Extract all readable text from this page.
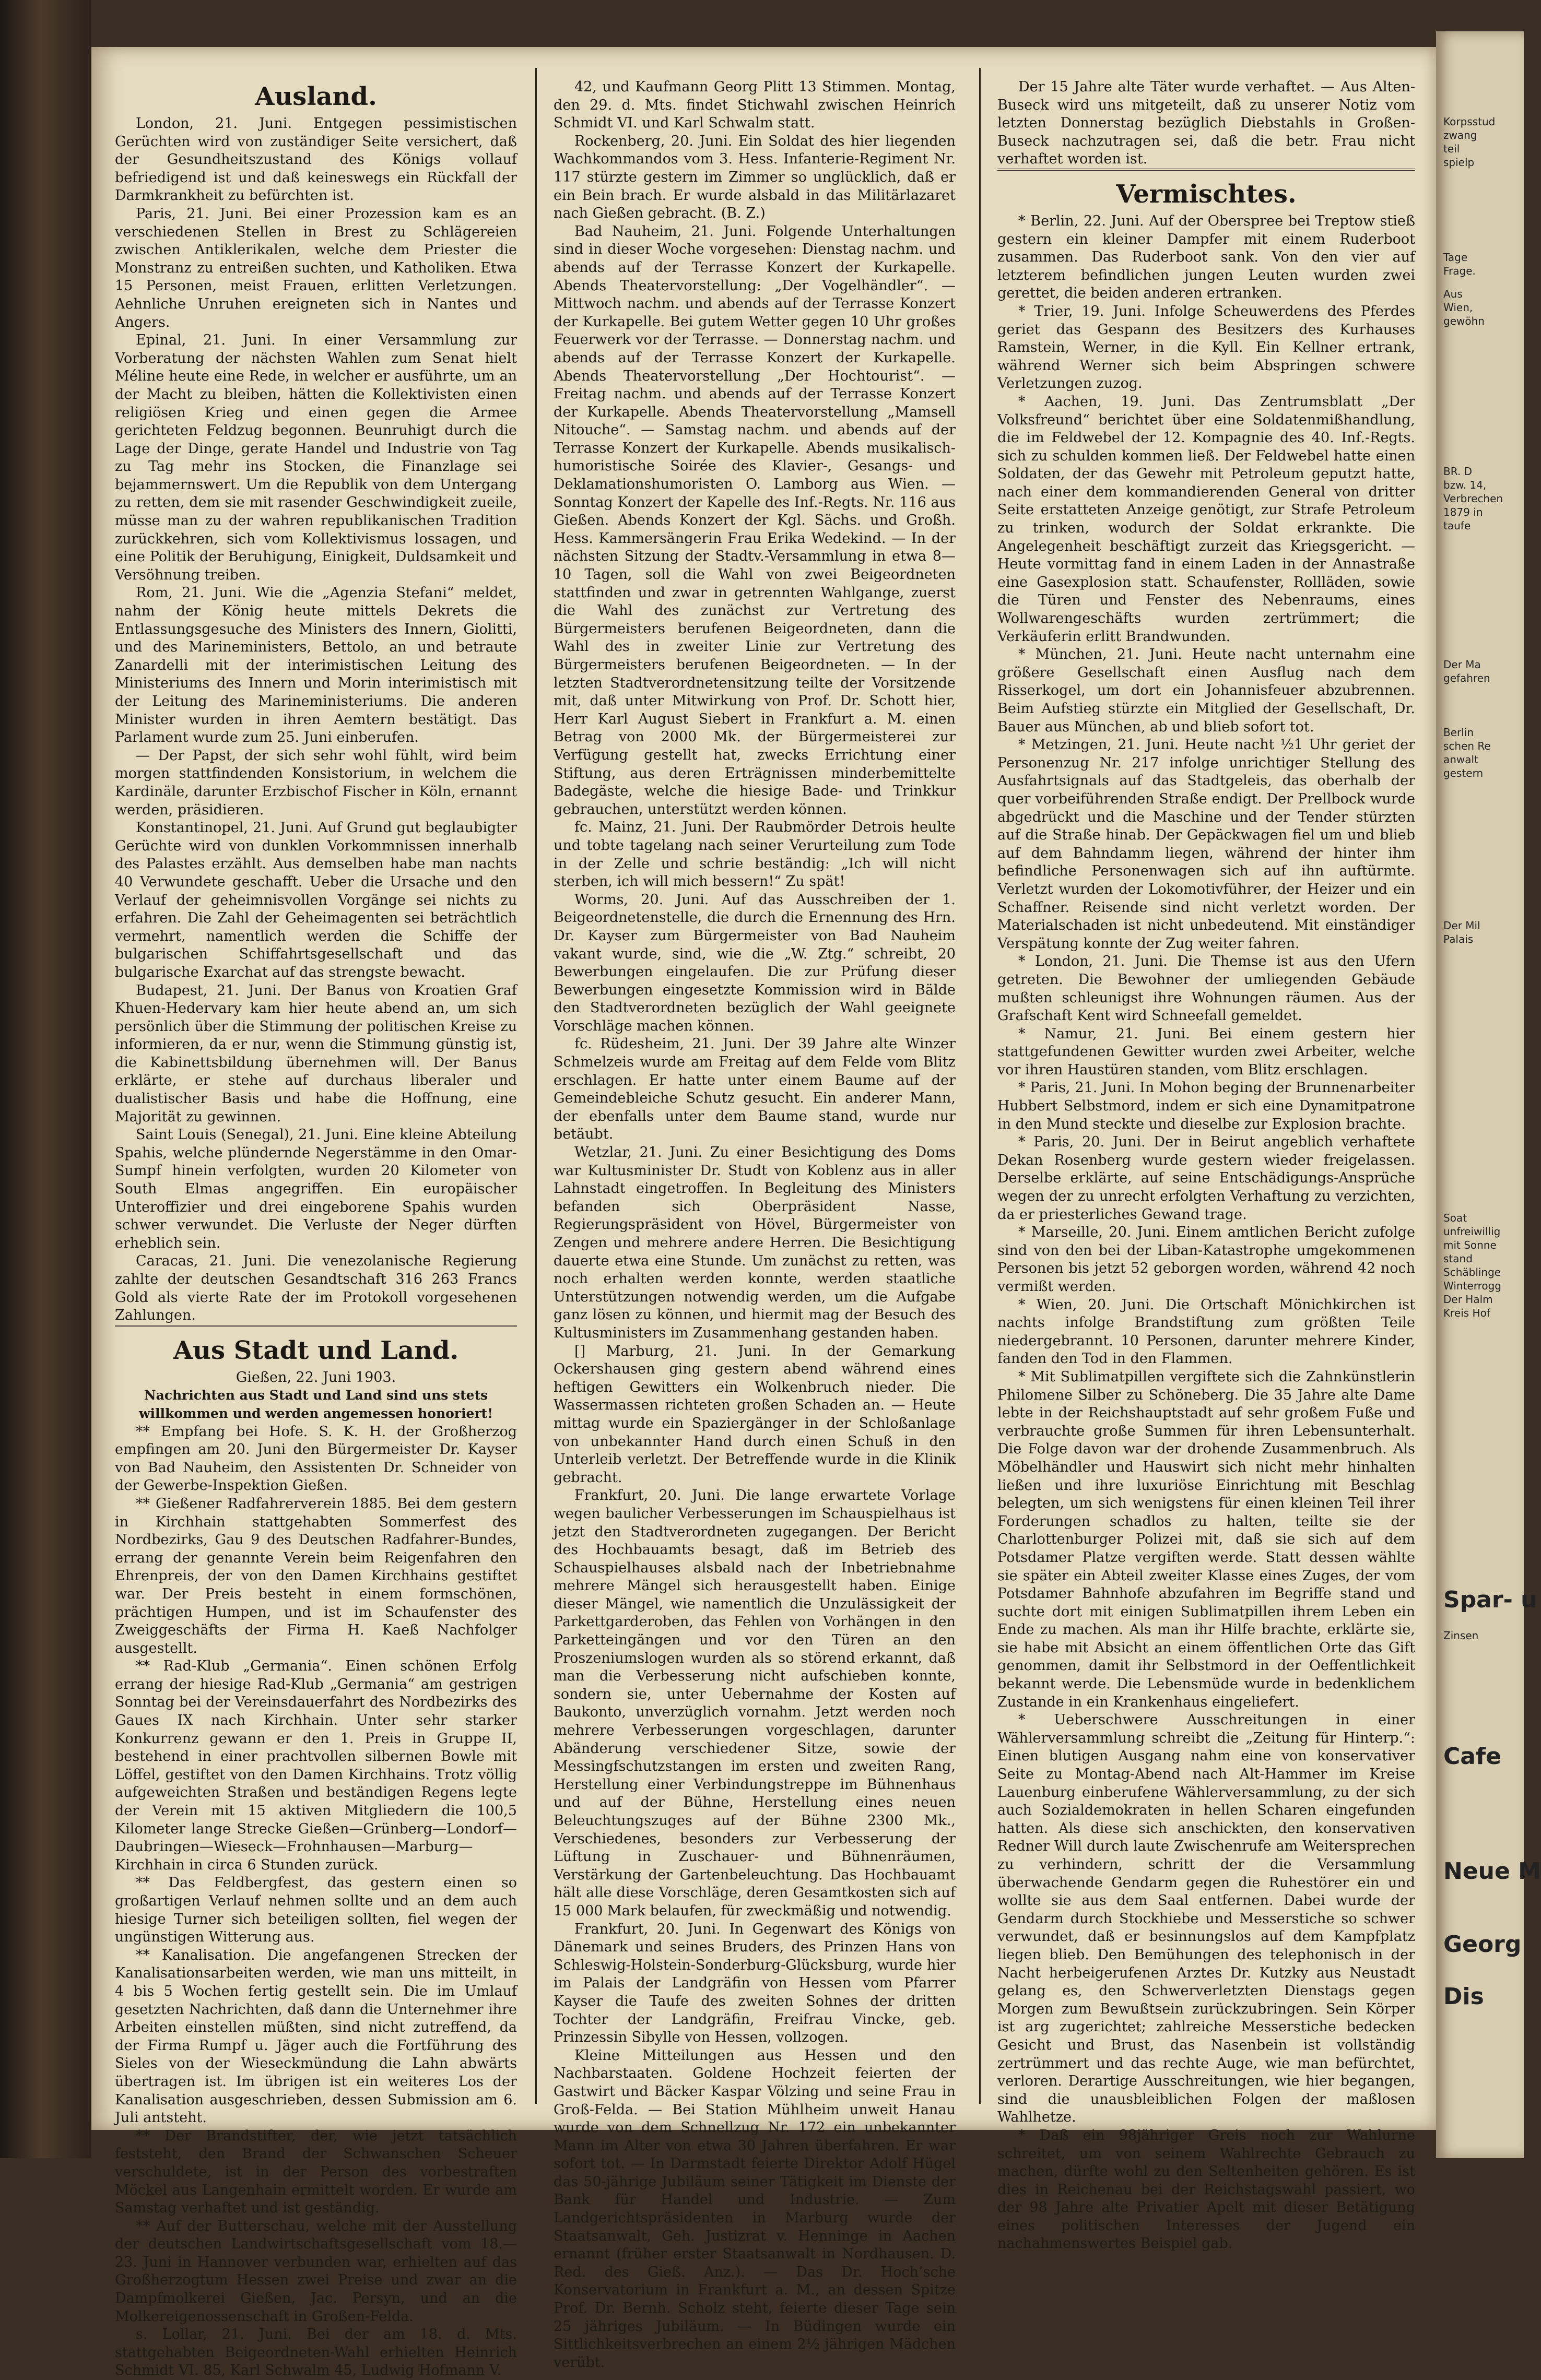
Ausland.

London, 21. Juni. Entgegen pessimistischen Gerüchten wird von zuständiger Seite versichert, daß der Gesundheitszustand des Königs vollauf befriedigend ist und daß keineswegs ein Rückfall der Darmkrankheit zu befürchten ist.

Paris, 21. Juni. Bei einer Prozession kam es an verschiedenen Stellen in Brest zu Schlägereien zwischen Antiklerikalen, welche dem Priester die Monstranz zu entreißen suchten, und Katholiken. Etwa 15 Personen, meist Frauen, erlitten Verletzungen. Aehnliche Unruhen ereigneten sich in Nantes und Angers.

Epinal, 21. Juni. In einer Versammlung zur Vorberatung der nächsten Wahlen zum Senat hielt Méline heute eine Rede, in welcher er ausführte, um an der Macht zu bleiben, hätten die Kollektivisten einen religiösen Krieg und einen gegen die Armee gerichteten Feldzug begonnen. Beunruhigt durch die Lage der Dinge, gerate Handel und Industrie von Tag zu Tag mehr ins Stocken, die Finanzlage sei bejammernswert. Um die Republik von dem Untergang zu retten, dem sie mit rasender Geschwindigkeit zueile, müsse man zu der wahren republikanischen Tradition zurückkehren, sich vom Kollektivismus lossagen, und eine Politik der Beruhigung, Einigkeit, Duldsamkeit und Versöhnung treiben.

Rom, 21. Juni. Wie die „Agenzia Stefani“ meldet, nahm der König heute mittels Dekrets die Entlassungsgesuche des Ministers des Innern, Giolitti, und des Marineministers, Bettolo, an und betraute Zanardelli mit der interimistischen Leitung des Ministeriums des Innern und Morin interimistisch mit der Leitung des Marineministeriums. Die anderen Minister wurden in ihren Aemtern bestätigt. Das Parlament wurde zum 25. Juni einberufen.

— Der Papst, der sich sehr wohl fühlt, wird beim morgen stattfindenden Konsistorium, in welchem die Kardinäle, darunter Erzbischof Fischer in Köln, ernannt werden, präsidieren.

Konstantinopel, 21. Juni. Auf Grund gut beglaubigter Gerüchte wird von dunklen Vorkommnissen innerhalb des Palastes erzählt. Aus demselben habe man nachts 40 Verwundete geschafft. Ueber die Ursache und den Verlauf der geheimnisvollen Vorgänge sei nichts zu erfahren. Die Zahl der Geheimagenten sei beträchtlich vermehrt, namentlich werden die Schiffe der bulgarischen Schiffahrtsgesellschaft und das bulgarische Exarchat auf das strengste bewacht.

Budapest, 21. Juni. Der Banus von Kroatien Graf Khuen-Hedervary kam hier heute abend an, um sich persönlich über die Stimmung der politischen Kreise zu informieren, da er nur, wenn die Stimmung günstig ist, die Kabinettsbildung übernehmen will. Der Banus erklärte, er stehe auf durchaus liberaler und dualistischer Basis und habe die Hoffnung, eine Majorität zu gewinnen.

Saint Louis (Senegal), 21. Juni. Eine kleine Abteilung Spahis, welche plündernde Negerstämme in den Omar-Sumpf hinein verfolgten, wurden 20 Kilometer von South Elmas angegriffen. Ein europäischer Unteroffizier und drei eingeborene Spahis wurden schwer verwundet. Die Verluste der Neger dürften erheblich sein.

Caracas, 21. Juni. Die venezolanische Regierung zahlte der deutschen Gesandtschaft 316 263 Francs Gold als vierte Rate der im Protokoll vorgesehenen Zahlungen.

Aus Stadt und Land.

Gießen, 22. Juni 1903.

Nachrichten aus Stadt und Land sind uns stets willkommen und werden angemessen honoriert!

** Empfang bei Hofe. S. K. H. der Großherzog empfingen am 20. Juni den Bürgermeister Dr. Kayser von Bad Nauheim, den Assistenten Dr. Schneider von der Gewerbe-Inspektion Gießen.

** Gießener Radfahrerverein 1885. Bei dem gestern in Kirchhain stattgehabten Sommerfest des Nordbezirks, Gau 9 des Deutschen Radfahrer-Bundes, errang der genannte Verein beim Reigenfahren den Ehrenpreis, der von den Damen Kirchhains gestiftet war. Der Preis besteht in einem formschönen, prächtigen Humpen, und ist im Schaufenster des Zweiggeschäfts der Firma H. Kaeß Nachfolger ausgestellt.

** Rad-Klub „Germania“. Einen schönen Erfolg errang der hiesige Rad-Klub „Germania“ am gestrigen Sonntag bei der Vereinsdauerfahrt des Nordbezirks des Gaues IX nach Kirchhain. Unter sehr starker Konkurrenz gewann er den 1. Preis in Gruppe II, bestehend in einer prachtvollen silbernen Bowle mit Löffel, gestiftet von den Damen Kirchhains. Trotz völlig aufgeweichten Straßen und beständigen Regens legte der Verein mit 15 aktiven Mitgliedern die 100,5 Kilometer lange Strecke Gießen—Grünberg—Londorf—Daubringen—Wieseck—Frohnhausen—Marburg—Kirchhain in circa 6 Stunden zurück.

** Das Feldbergfest, das gestern einen so großartigen Verlauf nehmen sollte und an dem auch hiesige Turner sich beteiligen sollten, fiel wegen der ungünstigen Witterung aus.

** Kanalisation. Die angefangenen Strecken der Kanalisationsarbeiten werden, wie man uns mitteilt, in 4 bis 5 Wochen fertig gestellt sein. Die im Umlauf gesetzten Nachrichten, daß dann die Unternehmer ihre Arbeiten einstellen müßten, sind nicht zutreffend, da der Firma Rumpf u. Jäger auch die Fortführung des Sieles von der Wieseckmündung die Lahn abwärts übertragen ist. Im übrigen ist ein weiteres Los der Kanalisation ausgeschrieben, dessen Submission am 6. Juli antsteht.

** Der Brandstifter, der, wie jetzt tatsächlich feststeht, den Brand der Schwanschen Scheuer verschuldete, ist in der Person des vorbestraften Möckel aus Langenhain ermittelt worden. Er wurde am Samstag verhaftet und ist geständig.

** Auf der Butterschau, welche mit der Ausstellung der deutschen Landwirtschaftsgesellschaft vom 18.—23. Juni in Hannover verbunden war, erhielten auf das Großherzogtum Hessen zwei Preise und zwar an die Dampfmolkerei Gießen, Jac. Persyn, und an die Molkereigenossenschaft in Großen-Felda.

s. Lollar, 21. Juni. Bei der am 18. d. Mts. stattgehabten Beigeordneten-Wahl erhielten Heinrich Schmidt VI. 85, Karl Schwalm 45, Ludwig Hofmann V.

42, und Kaufmann Georg Plitt 13 Stimmen. Montag, den 29. d. Mts. findet Stichwahl zwischen Heinrich Schmidt VI. und Karl Schwalm statt.

Rockenberg, 20. Juni. Ein Soldat des hier liegenden Wachkommandos vom 3. Hess. Infanterie-Regiment Nr. 117 stürzte gestern im Zimmer so unglücklich, daß er ein Bein brach. Er wurde alsbald in das Militärlazaret nach Gießen gebracht. (B. Z.)

Bad Nauheim, 21. Juni. Folgende Unterhaltungen sind in dieser Woche vorgesehen: Dienstag nachm. und abends auf der Terrasse Konzert der Kurkapelle. Abends Theatervorstellung: „Der Vogelhändler“. — Mittwoch nachm. und abends auf der Terrasse Konzert der Kurkapelle. Bei gutem Wetter gegen 10 Uhr großes Feuerwerk vor der Terrasse. — Donnerstag nachm. und abends auf der Terrasse Konzert der Kurkapelle. Abends Theatervorstellung „Der Hochtourist“. — Freitag nachm. und abends auf der Terrasse Konzert der Kurkapelle. Abends Theatervorstellung „Mamsell Nitouche“. — Samstag nachm. und abends auf der Terrasse Konzert der Kurkapelle. Abends musikalisch-humoristische Soirée des Klavier-, Gesangs- und Deklamationshumoristen O. Lamborg aus Wien. — Sonntag Konzert der Kapelle des Inf.-Regts. Nr. 116 aus Gießen. Abends Konzert der Kgl. Sächs. und Großh. Hess. Kammersängerin Frau Erika Wedekind. — In der nächsten Sitzung der Stadtv.-Versammlung in etwa 8—10 Tagen, soll die Wahl von zwei Beigeordneten stattfinden und zwar in getrennten Wahlgange, zuerst die Wahl des zunächst zur Vertretung des Bürgermeisters berufenen Beigeordneten, dann die Wahl des in zweiter Linie zur Vertretung des Bürgermeisters berufenen Beigeordneten. — In der letzten Stadtverordnetensitzung teilte der Vorsitzende mit, daß unter Mitwirkung von Prof. Dr. Schott hier, Herr Karl August Siebert in Frankfurt a. M. einen Betrag von 2000 Mk. der Bürgermeisterei zur Verfügung gestellt hat, zwecks Errichtung einer Stiftung, aus deren Erträgnissen minderbemittelte Badegäste, welche die hiesige Bade- und Trinkkur gebrauchen, unterstützt werden können.

fc. Mainz, 21. Juni. Der Raubmörder Detrois heulte und tobte tagelang nach seiner Verurteilung zum Tode in der Zelle und schrie beständig: „Ich will nicht sterben, ich will mich bessern!“ Zu spät!

Worms, 20. Juni. Auf das Ausschreiben der 1. Beigeordnetenstelle, die durch die Ernennung des Hrn. Dr. Kayser zum Bürgermeister von Bad Nauheim vakant wurde, sind, wie die „W. Ztg.“ schreibt, 20 Bewerbungen eingelaufen. Die zur Prüfung dieser Bewerbungen eingesetzte Kommission wird in Bälde den Stadtverordneten bezüglich der Wahl geeignete Vorschläge machen können.

fc. Rüdesheim, 21. Juni. Der 39 Jahre alte Winzer Schmelzeis wurde am Freitag auf dem Felde vom Blitz erschlagen. Er hatte unter einem Baume auf der Gemeindebleiche Schutz gesucht. Ein anderer Mann, der ebenfalls unter dem Baume stand, wurde nur betäubt.

Wetzlar, 21. Juni. Zu einer Besichtigung des Doms war Kultusminister Dr. Studt von Koblenz aus in aller Lahnstadt eingetroffen. In Begleitung des Ministers befanden sich Oberpräsident Nasse, Regierungspräsident von Hövel, Bürgermeister von Zengen und mehrere andere Herren. Die Besichtigung dauerte etwa eine Stunde. Um zunächst zu retten, was noch erhalten werden konnte, werden staatliche Unterstützungen notwendig werden, um die Aufgabe ganz lösen zu können, und hiermit mag der Besuch des Kultusministers im Zusammenhang gestanden haben.

[] Marburg, 21. Juni. In der Gemarkung Ockershausen ging gestern abend während eines heftigen Gewitters ein Wolkenbruch nieder. Die Wassermassen richteten großen Schaden an. — Heute mittag wurde ein Spaziergänger in der Schloßanlage von unbekannter Hand durch einen Schuß in den Unterleib verletzt. Der Betreffende wurde in die Klinik gebracht.

Frankfurt, 20. Juni. Die lange erwartete Vorlage wegen baulicher Verbesserungen im Schauspielhaus ist jetzt den Stadtverordneten zugegangen. Der Bericht des Hochbauamts besagt, daß im Betrieb des Schauspielhauses alsbald nach der Inbetriebnahme mehrere Mängel sich herausgestellt haben. Einige dieser Mängel, wie namentlich die Unzulässigkeit der Parkettgarderoben, das Fehlen von Vorhängen in den Parketteingängen und vor den Türen an den Proszeniumslogen wurden als so störend erkannt, daß man die Verbesserung nicht aufschieben konnte, sondern sie, unter Uebernahme der Kosten auf Baukonto, unverzüglich vornahm. Jetzt werden noch mehrere Verbesserungen vorgeschlagen, darunter Abänderung verschiedener Sitze, sowie der Messingfschutzstangen im ersten und zweiten Rang, Herstellung einer Verbindungstreppe im Bühnenhaus und auf der Bühne, Herstellung eines neuen Beleuchtungszuges auf der Bühne 2300 Mk., Verschiedenes, besonders zur Verbesserung der Lüftung in Zuschauer- und Bühnenräumen, Verstärkung der Gartenbeleuchtung. Das Hochbauamt hält alle diese Vorschläge, deren Gesamtkosten sich auf 15 000 Mark belaufen, für zweckmäßig und notwendig.

Frankfurt, 20. Juni. In Gegenwart des Königs von Dänemark und seines Bruders, des Prinzen Hans von Schleswig-Holstein-Sonderburg-Glücksburg, wurde hier im Palais der Landgräfin von Hessen vom Pfarrer Kayser die Taufe des zweiten Sohnes der dritten Tochter der Landgräfin, Freifrau Vincke, geb. Prinzessin Sibylle von Hessen, vollzogen.

Kleine Mitteilungen aus Hessen und den Nachbarstaaten. Goldene Hochzeit feierten der Gastwirt und Bäcker Kaspar Völzing und seine Frau in Groß-Felda. — Bei Station Mühlheim unweit Hanau wurde von dem Schnellzug Nr. 172 ein unbekannter Mann im Alter von etwa 30 Jahren überfahren. Er war sofort tot. — In Darmstadt feierte Direktor Adolf Hügel das 50-jährige Jubiläum seiner Tätigkeit im Dienste der Bank für Handel und Industrie. — Zum Landgerichtspräsidenten in Marburg wurde der Staatsanwalt, Geh. Justizrat v. Henninge in Aachen ernannt (früher erster Staatsanwalt in Nordhausen. D. Red. des Gieß. Anz.). — Das Dr. Hoch’sche Konservatorium in Frankfurt a. M., an dessen Spitze Prof. Dr. Bernh. Scholz steht, feierte dieser Tage sein 25 jähriges Jubiläum. — In Büdingen wurde ein Sittlichkeitsverbrechen an einem 2½ jährigen Mädchen verübt.

Der 15 Jahre alte Täter wurde verhaftet. — Aus Alten-Buseck wird uns mitgeteilt, daß zu unserer Notiz vom letzten Donnerstag bezüglich Diebstahls in Großen-Buseck nachzutragen sei, daß die betr. Frau nicht verhaftet worden ist.

Vermischtes.

* Berlin, 22. Juni. Auf der Oberspree bei Treptow stieß gestern ein kleiner Dampfer mit einem Ruderboot zusammen. Das Ruderboot sank. Von den vier auf letzterem befindlichen jungen Leuten wurden zwei gerettet, die beiden anderen ertranken.

* Trier, 19. Juni. Infolge Scheuwerdens des Pferdes geriet das Gespann des Besitzers des Kurhauses Ramstein, Werner, in die Kyll. Ein Kellner ertrank, während Werner sich beim Abspringen schwere Verletzungen zuzog.

* Aachen, 19. Juni. Das Zentrumsblatt „Der Volksfreund“ berichtet über eine Soldatenmißhandlung, die im Feldwebel der 12. Kompagnie des 40. Inf.-Regts. sich zu schulden kommen ließ. Der Feldwebel hatte einen Soldaten, der das Gewehr mit Petroleum geputzt hatte, nach einer dem kommandierenden General von dritter Seite erstatteten Anzeige genötigt, zur Strafe Petroleum zu trinken, wodurch der Soldat erkrankte. Die Angelegenheit beschäftigt zurzeit das Kriegsgericht. — Heute vormittag fand in einem Laden in der Annastraße eine Gasexplosion statt. Schaufenster, Rollläden, sowie die Türen und Fenster des Nebenraums, eines Wollwarengeschäfts wurden zertrümmert; die Verkäuferin erlitt Brandwunden.

* München, 21. Juni. Heute nacht unternahm eine größere Gesellschaft einen Ausflug nach dem Risserkogel, um dort ein Johannisfeuer abzubrennen. Beim Aufstieg stürzte ein Mitglied der Gesellschaft, Dr. Bauer aus München, ab und blieb sofort tot.

* Metzingen, 21. Juni. Heute nacht ½1 Uhr geriet der Personenzug Nr. 217 infolge unrichtiger Stellung des Ausfahrtsignals auf das Stadtgeleis, das oberhalb der quer vorbeiführenden Straße endigt. Der Prellbock wurde abgedrückt und die Maschine und der Tender stürzten auf die Straße hinab. Der Gepäckwagen fiel um und blieb auf dem Bahndamm liegen, während der hinter ihm befindliche Personenwagen sich auf ihn auftürmte. Verletzt wurden der Lokomotivführer, der Heizer und ein Schaffner. Reisende sind nicht verletzt worden. Der Materialschaden ist nicht unbedeutend. Mit einständiger Verspätung konnte der Zug weiter fahren.

* London, 21. Juni. Die Themse ist aus den Ufern getreten. Die Bewohner der umliegenden Gebäude mußten schleunigst ihre Wohnungen räumen. Aus der Grafschaft Kent wird Schneefall gemeldet.

* Namur, 21. Juni. Bei einem gestern hier stattgefundenen Gewitter wurden zwei Arbeiter, welche vor ihren Haustüren standen, vom Blitz erschlagen.

* Paris, 21. Juni. In Mohon beging der Brunnenarbeiter Hubbert Selbstmord, indem er sich eine Dynamitpatrone in den Mund steckte und dieselbe zur Explosion brachte.

* Paris, 20. Juni. Der in Beirut angeblich verhaftete Dekan Rosenberg wurde gestern wieder freigelassen. Derselbe erklärte, auf seine Entschädigungs-Ansprüche wegen der zu unrecht erfolgten Verhaftung zu verzichten, da er priesterliches Gewand trage.

* Marseille, 20. Juni. Einem amtlichen Bericht zufolge sind von den bei der Liban-Katastrophe umgekommenen Personen bis jetzt 52 geborgen worden, während 42 noch vermißt werden.

* Wien, 20. Juni. Die Ortschaft Mönichkirchen ist nachts infolge Brandstiftung zum größten Teile niedergebrannt. 10 Personen, darunter mehrere Kinder, fanden den Tod in den Flammen.

* Mit Sublimatpillen vergiftete sich die Zahnkünstlerin Philomene Silber zu Schöneberg. Die 35 Jahre alte Dame lebte in der Reichshauptstadt auf sehr großem Fuße und verbrauchte große Summen für ihren Lebensunterhalt. Die Folge davon war der drohende Zusammenbruch. Als Möbelhändler und Hauswirt sich nicht mehr hinhalten ließen und ihre luxuriöse Einrichtung mit Beschlag belegten, um sich wenigstens für einen kleinen Teil ihrer Forderungen schadlos zu halten, teilte sie der Charlottenburger Polizei mit, daß sie sich auf dem Potsdamer Platze vergiften werde. Statt dessen wählte sie später ein Abteil zweiter Klasse eines Zuges, der vom Potsdamer Bahnhofe abzufahren im Begriffe stand und suchte dort mit einigen Sublimatpillen ihrem Leben ein Ende zu machen. Als man ihr Hilfe brachte, erklärte sie, sie habe mit Absicht an einem öffentlichen Orte das Gift genommen, damit ihr Selbstmord in der Oeffentlichkeit bekannt werde. Die Lebensmüde wurde in bedenklichem Zustande in ein Krankenhaus eingeliefert.

* Ueberschwere Ausschreitungen in einer Wählerversammlung schreibt die „Zeitung für Hinterp.“: Einen blutigen Ausgang nahm eine von konservativer Seite zu Montag-Abend nach Alt-Hammer im Kreise Lauenburg einberufene Wählerversammlung, zu der sich auch Sozialdemokraten in hellen Scharen eingefunden hatten. Als diese sich anschickten, den konservativen Redner Will durch laute Zwischenrufe am Weitersprechen zu verhindern, schritt der die Versammlung überwachende Gendarm gegen die Ruhestörer ein und wollte sie aus dem Saal entfernen. Dabei wurde der Gendarm durch Stockhiebe und Messerstiche so schwer verwundet, daß er besinnungslos auf dem Kampfplatz liegen blieb. Den Bemühungen des telephonisch in der Nacht herbeigerufenen Arztes Dr. Kutzky aus Neustadt gelang es, den Schwerverletzten Dienstags gegen Morgen zum Bewußtsein zurückzubringen. Sein Körper ist arg zugerichtet; zahlreiche Messerstiche bedecken Gesicht und Brust, das Nasenbein ist vollständig zertrümmert und das rechte Auge, wie man befürchtet, verloren. Derartige Ausschreitungen, wie hier begangen, sind die unausbleiblichen Folgen der maßlosen Wahlhetze.

* Daß ein 98jähriger Greis noch zur Wahlurne schreitet, um von seinem Wahlrechte Gebrauch zu machen, dürfte wohl zu den Seltenheiten gehören. Es ist dies in Reichenau bei der Reichstagswahl passiert, wo der 98 Jahre alte Privatier Apelt mit dieser Betätigung eines politischen Interesses der Jugend ein nachahmenswertes Beispiel gab.

Korpsstud
zwang
teil
spielp
Tage
Frage.
Aus
Wien,
gewöhn
BR. D
bzw. 14,
Verbrechen
1879 in
taufe
Der Ma
gefahren
Berlin
schen Re
anwalt
gestern
Der Mil
Palais
Soat
unfreiwillig
mit Sonne
stand
Schäblinge
Winterrogg
Der Halm
Kreis Hof
Spar- u
Zinsen
Cafe
Neue M
Georg
Dis
